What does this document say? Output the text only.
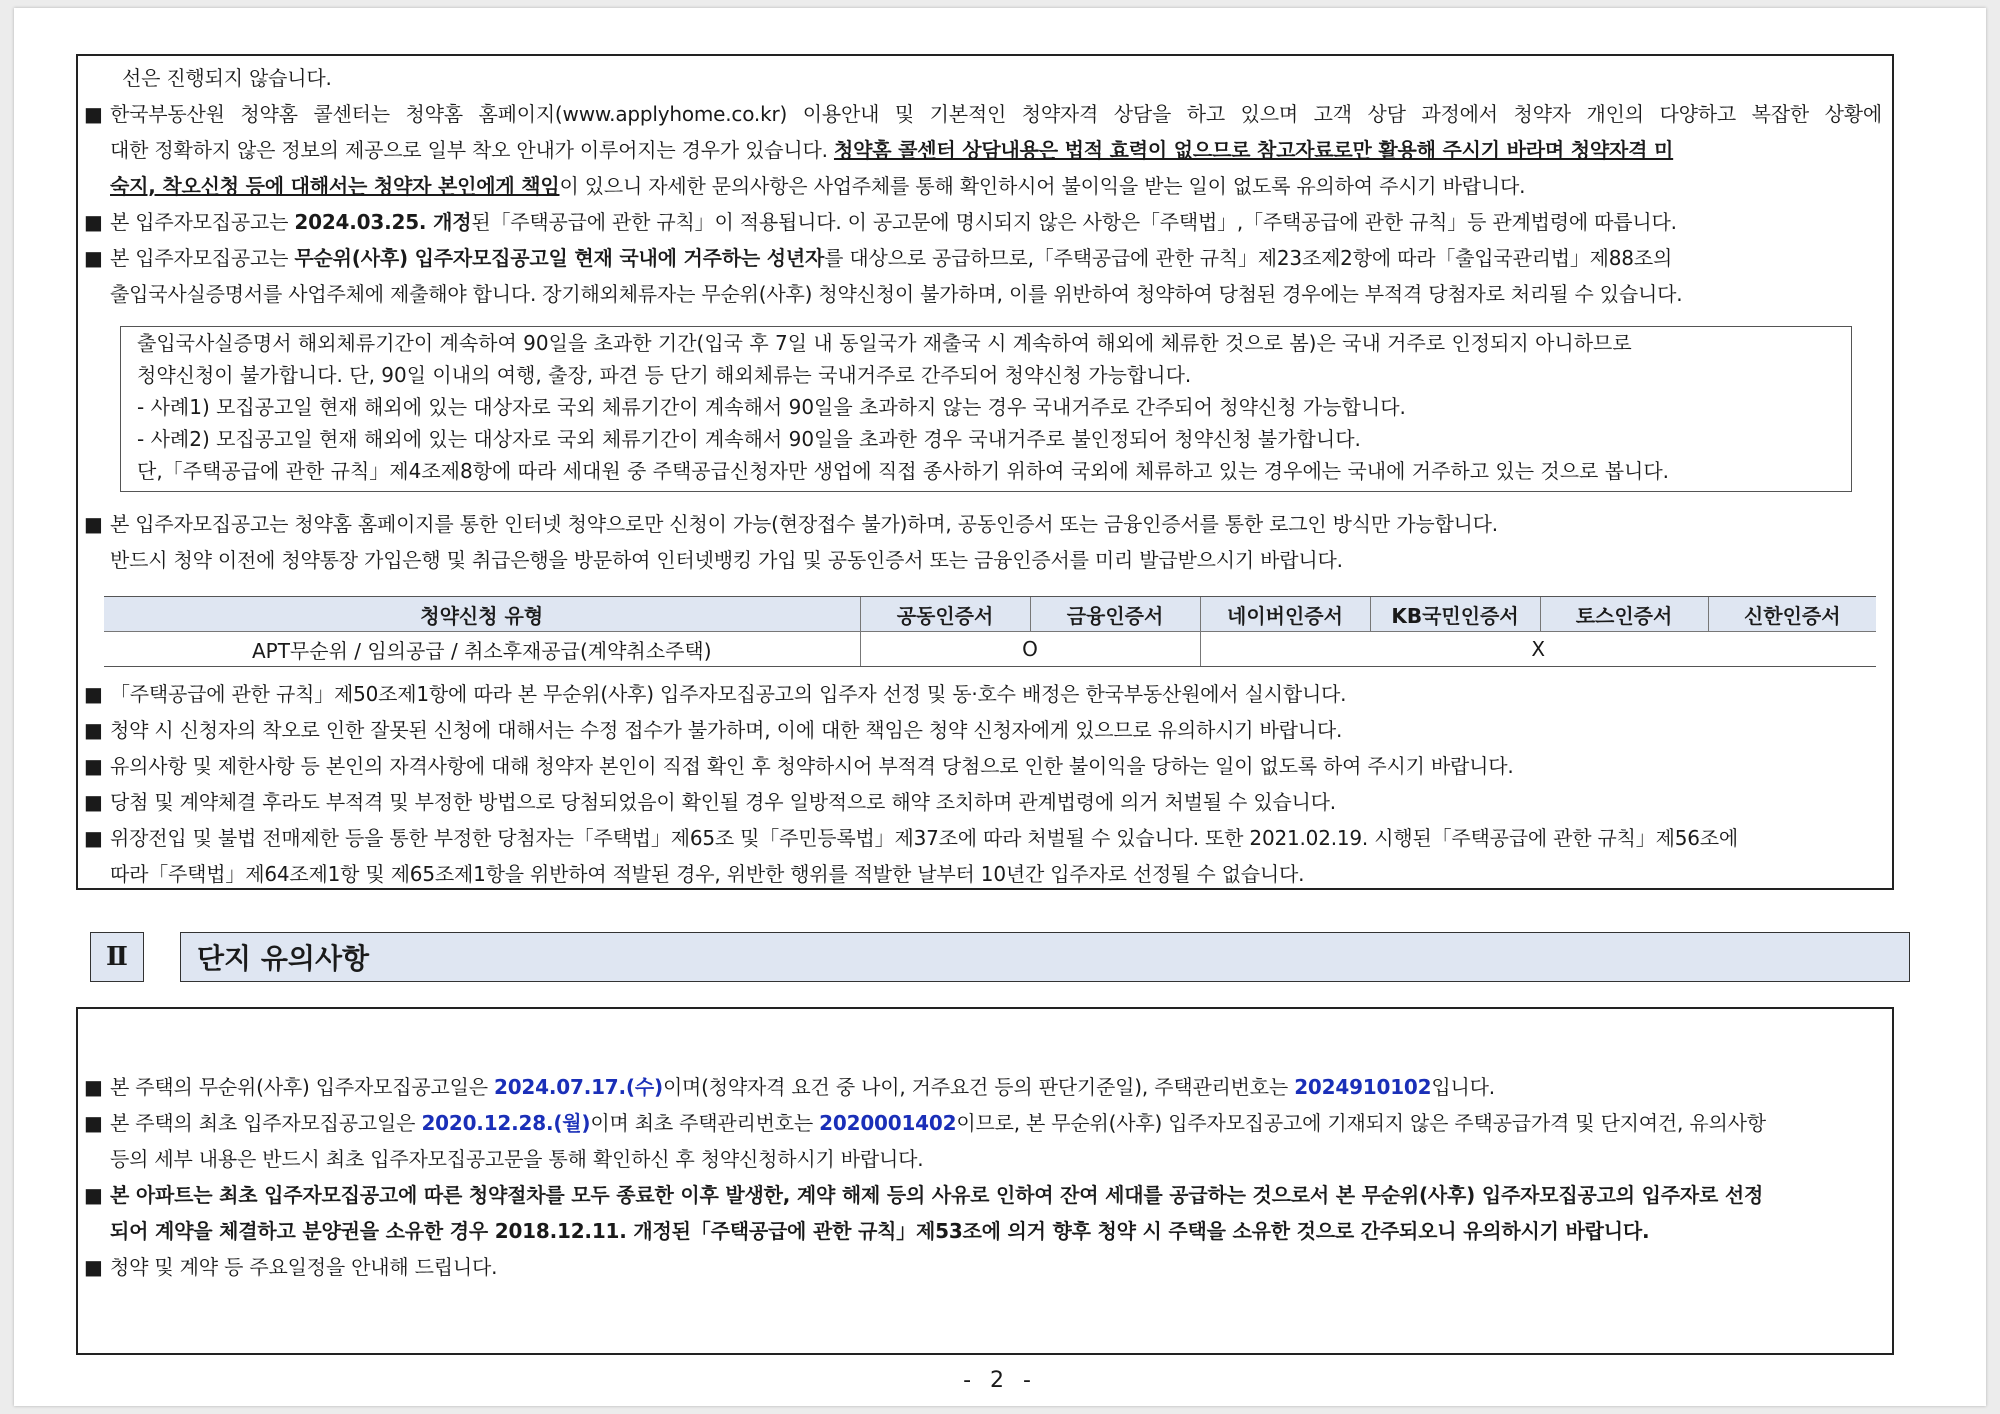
선은 진행되지 않습니다.
■ 한국부동산원 청약홈 콜센터는 청약홈 홈페이지(www.applyhome.co.kr) 이용안내 및 기본적인 청약자격 상담을 하고 있으며 고객 상담 과정에서 청약자 개인의 다양하고 복잡한 상황에
대한 정확하지 않은 정보의 제공으로 일부 착오 안내가 이루어지는 경우가 있습니다. 청약홈 콜센터 상담내용은 법적 효력이 없으므로 참고자료로만 활용해 주시기 바라며 청약자격 미
숙지, 착오신청 등에 대해서는 청약자 본인에게 책임이 있으니 자세한 문의사항은 사업주체를 통해 확인하시어 불이익을 받는 일이 없도록 유의하여 주시기 바랍니다.
■ 본 입주자모집공고는 2024.03.25. 개정된「주택공급에 관한 규칙」이 적용됩니다. 이 공고문에 명시되지 않은 사항은「주택법」,「주택공급에 관한 규칙」등 관계법령에 따릅니다.
■ 본 입주자모집공고는 무순위(사후) 입주자모집공고일 현재 국내에 거주하는 성년자를 대상으로 공급하므로,「주택공급에 관한 규칙」제23조제2항에 따라「출입국관리법」제88조의
출입국사실증명서를 사업주체에 제출해야 합니다. 장기해외체류자는 무순위(사후) 청약신청이 불가하며, 이를 위반하여 청약하여 당첨된 경우에는 부적격 당첨자로 처리될 수 있습니다.
출입국사실증명서 해외체류기간이 계속하여 90일을 초과한 기간(입국 후 7일 내 동일국가 재출국 시 계속하여 해외에 체류한 것으로 봄)은 국내 거주로 인정되지 아니하므로
청약신청이 불가합니다. 단, 90일 이내의 여행, 출장, 파견 등 단기 해외체류는 국내거주로 간주되어 청약신청 가능합니다.
- 사례1) 모집공고일 현재 해외에 있는 대상자로 국외 체류기간이 계속해서 90일을 초과하지 않는 경우 국내거주로 간주되어 청약신청 가능합니다.
- 사례2) 모집공고일 현재 해외에 있는 대상자로 국외 체류기간이 계속해서 90일을 초과한 경우 국내거주로 불인정되어 청약신청 불가합니다.
단,「주택공급에 관한 규칙」제4조제8항에 따라 세대원 중 주택공급신청자만 생업에 직접 종사하기 위하여 국외에 체류하고 있는 경우에는 국내에 거주하고 있는 것으로 봅니다.
■ 본 입주자모집공고는 청약홈 홈페이지를 통한 인터넷 청약으로만 신청이 가능(현장접수 불가)하며, 공동인증서 또는 금융인증서를 통한 로그인 방식만 가능합니다.
반드시 청약 이전에 청약통장 가입은행 및 취급은행을 방문하여 인터넷뱅킹 가입 및 공동인증서 또는 금융인증서를 미리 발급받으시기 바랍니다.
청약신청 유형	공동인증서	금융인증서	네이버인증서	KB국민인증서	토스인증서	신한인증서
APT무순위 / 임의공급 / 취소후재공급(계약취소주택)	O		X			
■ 「주택공급에 관한 규칙」제50조제1항에 따라 본 무순위(사후) 입주자모집공고의 입주자 선정 및 동·호수 배정은 한국부동산원에서 실시합니다.
■ 청약 시 신청자의 착오로 인한 잘못된 신청에 대해서는 수정 접수가 불가하며, 이에 대한 책임은 청약 신청자에게 있으므로 유의하시기 바랍니다.
■ 유의사항 및 제한사항 등 본인의 자격사항에 대해 청약자 본인이 직접 확인 후 청약하시어 부적격 당첨으로 인한 불이익을 당하는 일이 없도록 하여 주시기 바랍니다.
■ 당첨 및 계약체결 후라도 부적격 및 부정한 방법으로 당첨되었음이 확인될 경우 일방적으로 해약 조치하며 관계법령에 의거 처벌될 수 있습니다.
■ 위장전입 및 불법 전매제한 등을 통한 부정한 당첨자는「주택법」제65조 및「주민등록법」제37조에 따라 처벌될 수 있습니다. 또한 2021.02.19. 시행된「주택공급에 관한 규칙」제56조에
따라「주택법」제64조제1항 및 제65조제1항을 위반하여 적발된 경우, 위반한 행위를 적발한 날부터 10년간 입주자로 선정될 수 없습니다.
Ⅱ	단지 유의사항
■ 본 주택의 무순위(사후) 입주자모집공고일은 2024.07.17.(수)이며(청약자격 요건 중 나이, 거주요건 등의 판단기준일), 주택관리번호는 2024910102입니다.
■ 본 주택의 최초 입주자모집공고일은 2020.12.28.(월)이며 최초 주택관리번호는 2020001402이므로, 본 무순위(사후) 입주자모집공고에 기재되지 않은 주택공급가격 및 단지여건, 유의사항
등의 세부 내용은 반드시 최초 입주자모집공고문을 통해 확인하신 후 청약신청하시기 바랍니다.
■ 본 아파트는 최초 입주자모집공고에 따른 청약절차를 모두 종료한 이후 발생한, 계약 해제 등의 사유로 인하여 잔여 세대를 공급하는 것으로서 본 무순위(사후) 입주자모집공고의 입주자로 선정
되어 계약을 체결하고 분양권을 소유한 경우 2018.12.11. 개정된「주택공급에 관한 규칙」제53조에 의거 향후 청약 시 주택을 소유한 것으로 간주되오니 유의하시기 바랍니다.
■ 청약 및 계약 등 주요일정을 안내해 드립니다.
- 2 -
